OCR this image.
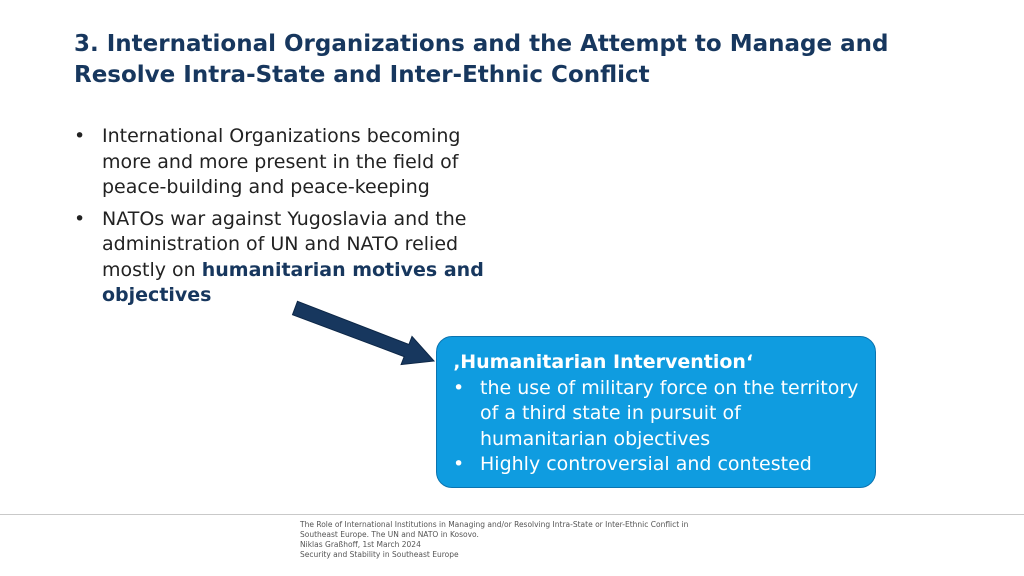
3. International Organizations and the Attempt to Manage and Resolve Intra-State and Inter-Ethnic Conflict
• International Organizations becoming more and more present in the field of peace-building and peace-keeping
• NATOs war against Yugoslavia and the administration of UN and NATO relied mostly on humanitarian motives and objectives
‚Humanitarian Intervention‘
• the use of military force on the territory of a third state in pursuit of humanitarian objectives
• Highly controversial and contested
The Role of International Institutions in Managing and/or Resolving Intra-State or Inter-Ethnic Conflict in
Southeast Europe. The UN and NATO in Kosovo.
Niklas Graßhoff, 1st March 2024
Security and Stability in Southeast Europe
